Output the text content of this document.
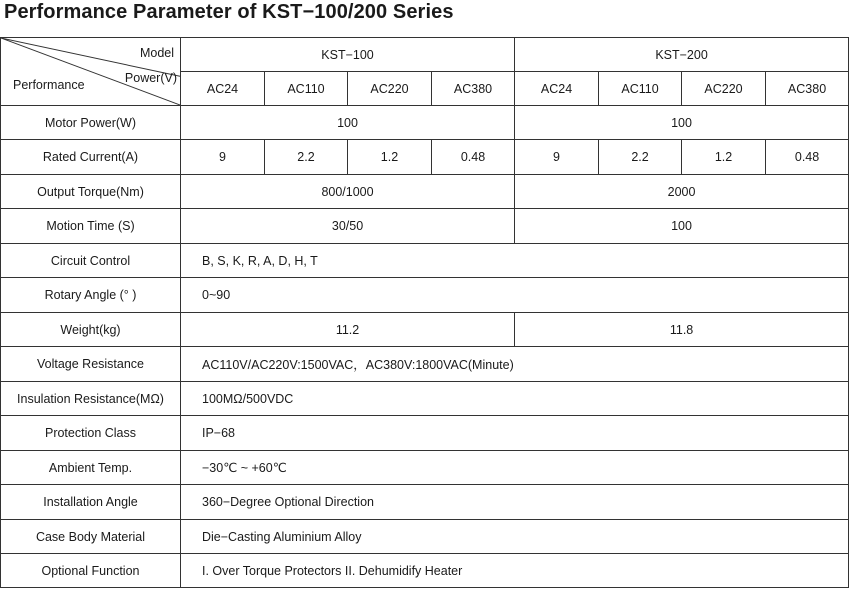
Performance Parameter of KST−100/200 Series
Model
Power(V)
Performance	KST−100				KST−200			
	AC24	AC110	AC220	AC380	AC24	AC110	AC220	AC380
Motor Power(W)	100				100			
Rated Current(A)	9	2.2	1.2	0.48	9	2.2	1.2	0.48
Output Torque(Nm)	800/1000				2000			
Motion Time (S)	30/50				100			
Circuit Control	B, S, K, R, A, D, H, T							
Rotary Angle (° )	0~90							
Weight(kg)	11.2				11.8			
Voltage Resistance	AC110V/AC220V:1500VAC，AC380V:1800VAC(Minute)							
Insulation Resistance(MΩ)	100MΩ/500VDC							
Protection Class	IP−68							
Ambient Temp.	−30℃ ~ +60℃							
Installation Angle	360−Degree Optional Direction							
Case Body Material	Die−Casting Aluminium Alloy							
Optional Function	I. Over Torque Protectors II. Dehumidify Heater							
